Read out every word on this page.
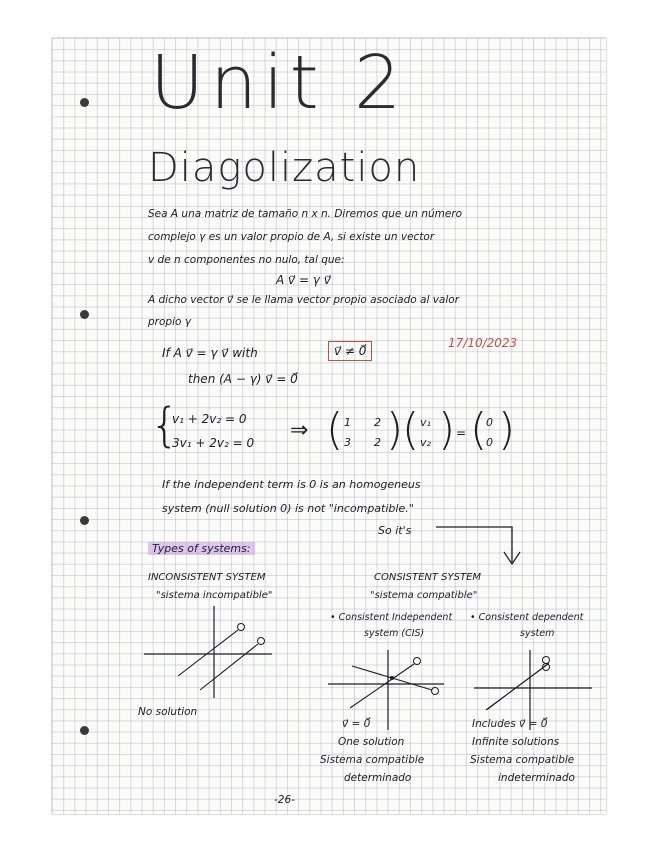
Unit 2
Diagolization
Sea A una matriz de tamaño n x n. Diremos que un número
complejo γ es un valor propio de A, si existe un vector
v de n componentes no nulo, tal que:
A v⃗ = γ v⃗
A dicho vector v⃗ se le llama vector propio asociado al valor
propio γ
17/10/2023
If A v⃗ = γ v⃗ with	v⃗ ≠ 0⃗
then (A − γ) v⃗ = 0⃗
{
v₁ + 2v₂ = 0
3v₁ + 2v₂ = 0 ⇒ ( 1 2
3 2 )
( v₁
v₂ ) = (
0
0 )
If the independent term is 0 is an homogeneus
system (null solution 0) is not "incompatible."
So it's
Types of systems:
INCONSISTENT SYSTEM
"sistema incompatible"
No solution
CONSISTENT SYSTEM
"sistema compatible"
• Consistent Independent
system (CIS)
v⃗ = 0⃗
One solution
Sistema compatible
determinado
• Consistent dependent
system
Includes v⃗ = 0⃗
Infinite solutions
Sistema compatible
indeterminado
-26-
